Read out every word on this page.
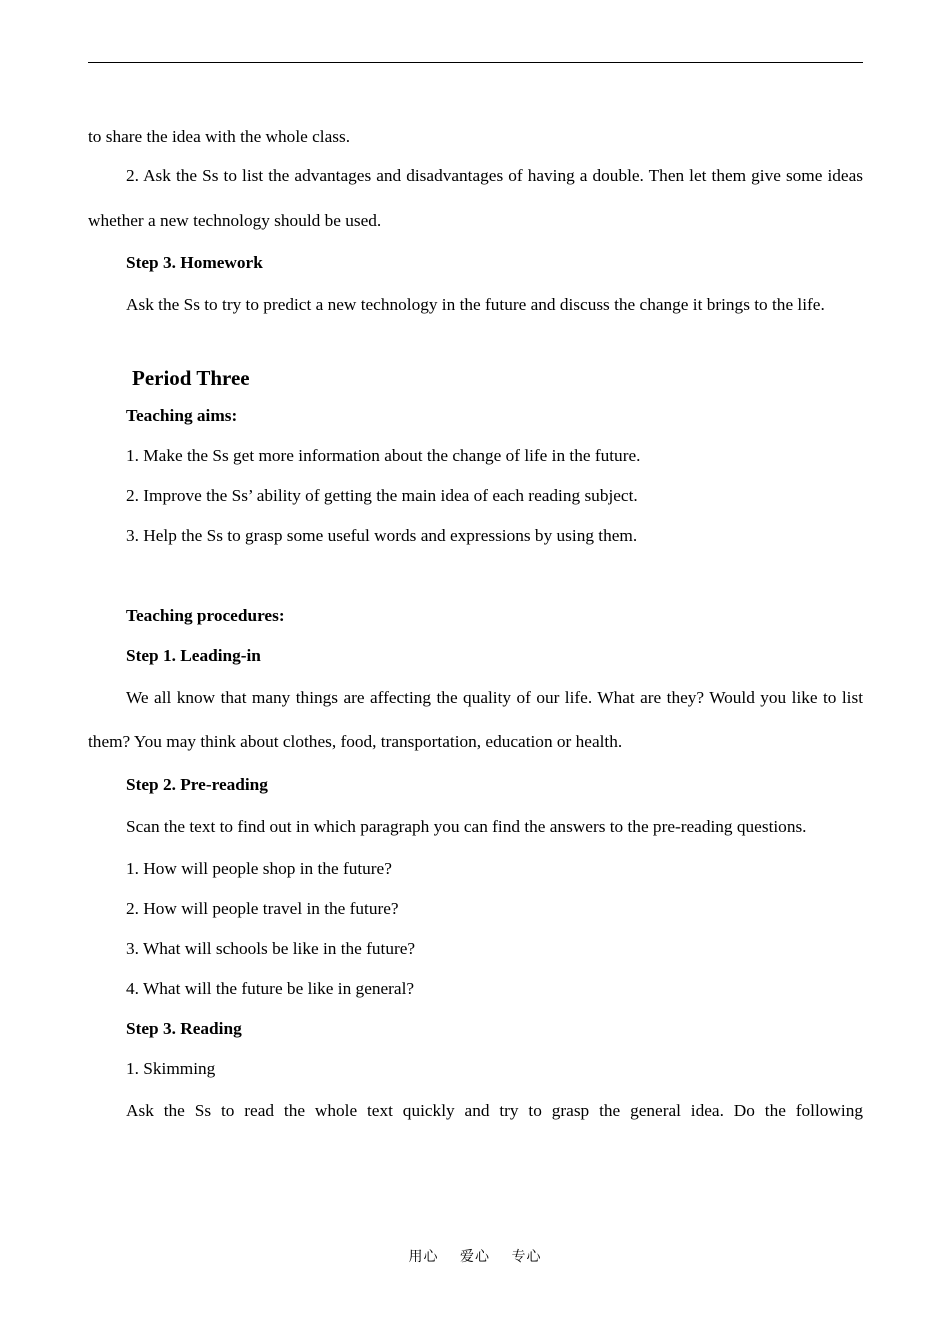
to share the idea with the whole class.

2. Ask the Ss to list the advantages and disadvantages of having a double. Then let them give some ideas whether a new technology should be used.

Step 3. Homework

Ask the Ss to try to predict a new technology in the future and discuss the change it brings to the life.

Period Three

Teaching aims:

1. Make the Ss get more information about the change of life in the future.

2. Improve the Ss’ ability of getting the main idea of each reading subject.

3. Help the Ss to grasp some useful words and expressions by using them.

Teaching procedures:

Step 1. Leading-in

We all know that many things are affecting the quality of our life. What are they? Would you like to list them? You may think about clothes, food, transportation, education or health.

Step 2. Pre-reading

Scan the text to find out in which paragraph you can find the answers to the pre-reading questions.

1. How will people shop in the future?

2. How will people travel in the future?

3. What will schools be like in the future?

4. What will the future be like in general?

Step 3. Reading

1. Skimming

Ask the Ss to read the whole text quickly and try to grasp the general idea. Do the following

用心 爱心 专心
